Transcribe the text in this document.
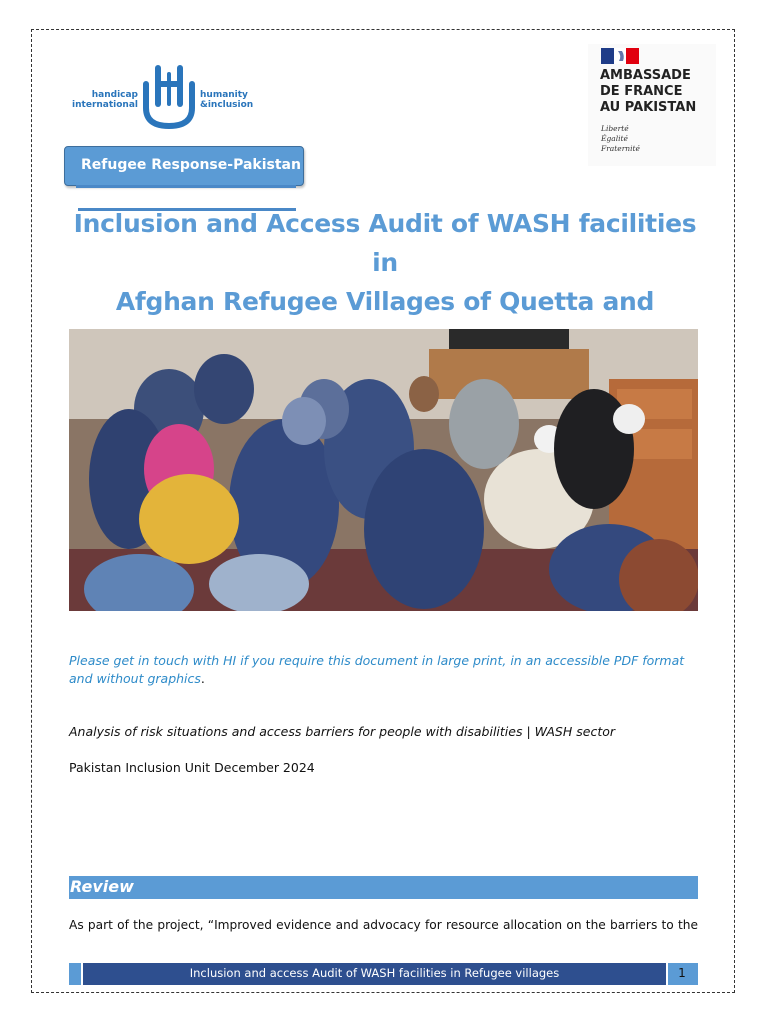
handicap
international
humanity
&inclusion
AMBASSADE
DE FRANCE
AU PAKISTAN
Liberté
Égalité
Fraternité
Refugee Response-Pakistan
Inclusion and Access Audit of WASH facilities in
Afghan Refugee Villages of Quetta and
Please get in touch with HI if you require this document in large print, in an accessible PDF format and without graphics.
Analysis of risk situations and access barriers for people with disabilities | WASH sector
Pakistan Inclusion Unit December 2024
Review
As part of the project, “Improved evidence and advocacy for resource allocation on the barriers to the
Inclusion and access Audit of WASH facilities in Refugee villages	1
